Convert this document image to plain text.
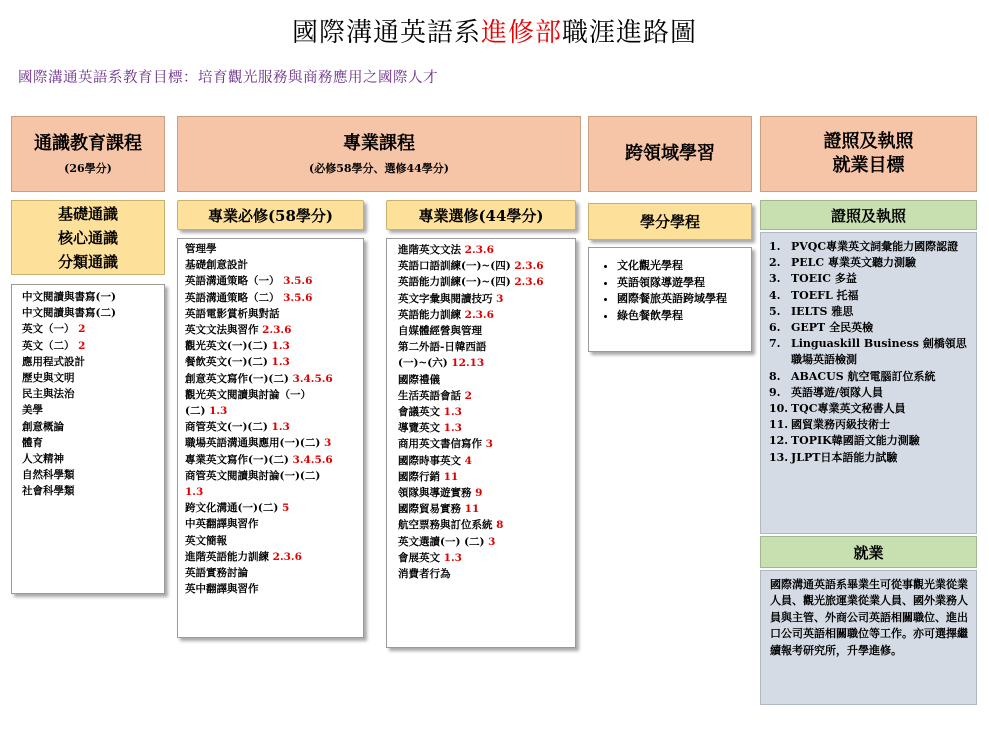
國際溝通英語系進修部職涯進路圖
國際溝通英語系教育目標：培育觀光服務與商務應用之國際人才
通識教育課程
(26學分)
專業課程
(必修58學分、選修44學分)
跨領域學習
證照及執照
就業目標
基礎通識
核心通識
分類通識
中文閱讀與書寫(一)
中文閱讀與書寫(二)
英文（一） 2
英文（二） 2
應用程式設計
歷史與文明
民主與法治
美學
創意概論
體育
人文精神
自然科學類
社會科學類
專業必修(58學分)
管理學
基礎創意設計
英語溝通策略（一） 3.5.6
英語溝通策略（二） 3.5.6
英語電影賞析與對話
英文文法與習作 2.3.6
觀光英文(一)(二) 1.3
餐飲英文(一)(二) 1.3
創意英文寫作(一)(二) 3.4.5.6
觀光英文閱讀與討論（一）
(二) 1.3
商管英文(一)(二) 1.3
職場英語溝通與應用(一)(二) 3
專業英文寫作(一)(二) 3.4.5.6
商管英文閱讀與討論(一)(二)
1.3
跨文化溝通(一)(二) 5
中英翻譯與習作
英文簡報
進階英語能力訓練 2.3.6
英語實務討論
英中翻譯與習作
專業選修(44學分)
進階英文文法 2.3.6
英語口語訓練(一)~(四) 2.3.6
英語能力訓練(一)~(四) 2.3.6
英文字彙與閱讀技巧 3
英語能力訓練 2.3.6
自媒體經營與管理
第二外語-日韓西語
(一)~(六) 12.13
國際禮儀
生活英語會話 2
會議英文 1.3
導覽英文 1.3
商用英文書信寫作 3
國際時事英文 4
國際行銷 11
領隊與導遊實務 9
國際貿易實務 11
航空票務與訂位系統 8
英文選讀(一) (二) 3
會展英文 1.3
消費者行為
學分學程
• 文化觀光學程
• 英語領隊導遊學程
• 國際餐旅英語跨域學程
• 綠色餐飲學程
證照及執照
1. PVQC專業英文詞彙能力國際認證
2. PELC 專業英文聽力測驗
3. TOEIC 多益
4. TOEFL 托福
5. IELTS 雅思
6. GEPT 全民英檢
7. Linguaskill Business 劍橋領思職場英語檢測
8. ABACUS 航空電腦訂位系統
9. 英語導遊/領隊人員
10. TQC專業英文秘書人員
11. 國貿業務丙級技術士
12. TOPIK韓國語文能力測驗
13. JLPT日本語能力試驗
就業
國際溝通英語系畢業生可從事觀光業從業人員、觀光旅運業從業人員、國外業務人員與主管、外商公司英語相關職位、進出口公司英語相關職位等工作。亦可選擇繼續報考研究所，升學進修。
